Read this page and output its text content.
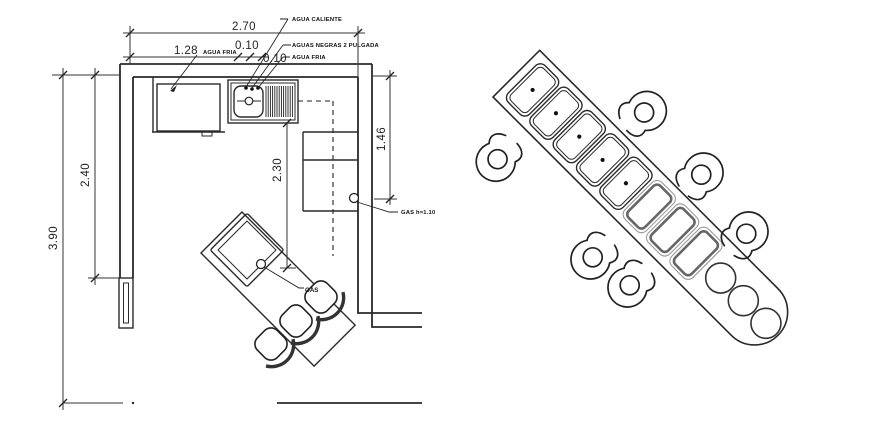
2.70
1.28	0.10
0.10
3.90
2.40	2.30
1.46
AGUA FRIA
AGUA CALIENTE
AGUAS NEGRAS 2 PULGADA
AGUA FRIA
GAS h=1.10
GAS
